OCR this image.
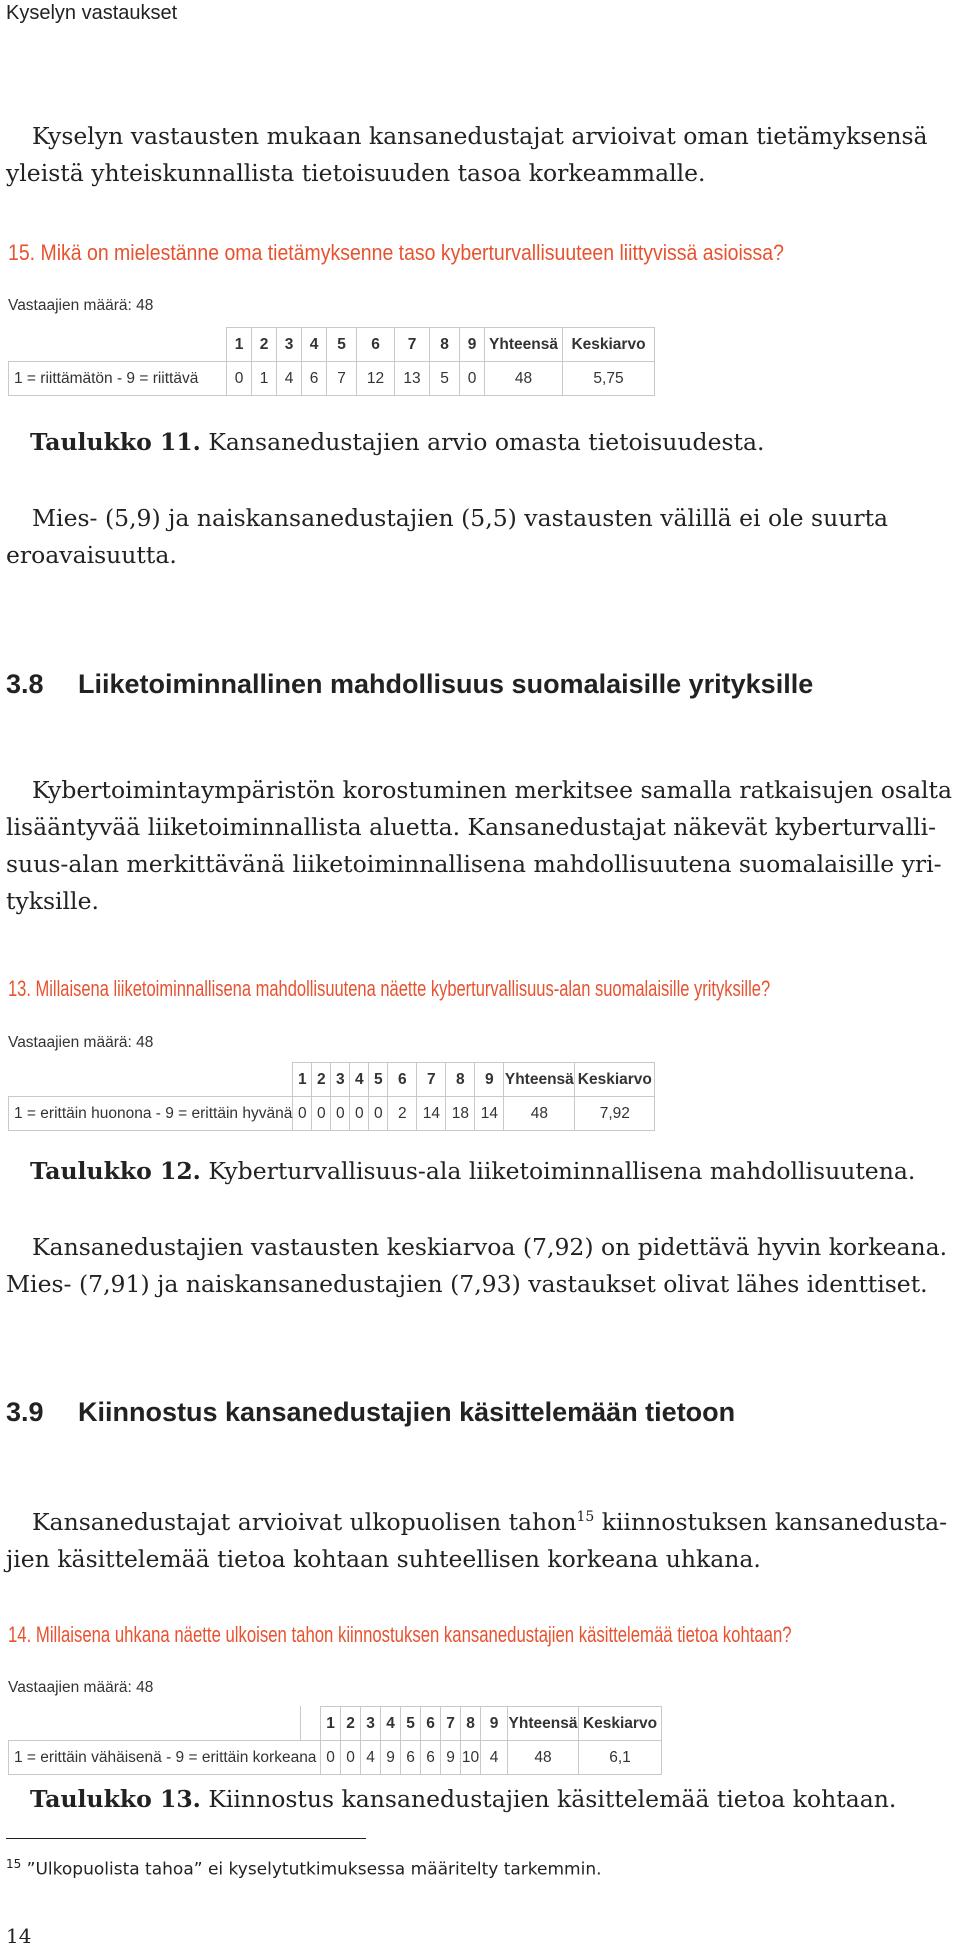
Kyselyn vastaukset
Kyselyn vastausten mukaan kansanedustajat arvioivat oman tietämyksensä
yleistä yhteiskunnallista tietoisuuden tasoa korkeammalle.
15. Mikä on mielestänne oma tietämyksenne taso kyberturvallisuuteen liittyvissä asioissa?
Vastaajien määrä: 48
	1	2	3	4	5	6	7	8	9	Yhteensä	Keskiarvo
1 = riittämätön - 9 = riittävä	0	1	4	6	7	12	13	5	0	48	5,75
Taulukko 11. Kansanedustajien arvio omasta tietoisuudesta.
Mies- (5,9) ja naiskansanedustajien (5,5) vastausten välillä ei ole suurta
eroavaisuutta.
3.8 Liiketoiminnallinen mahdollisuus suomalaisille yrityksille
Kybertoimintaympäristön korostuminen merkitsee samalla ratkaisujen osalta
lisääntyvää liiketoiminnallista aluetta. Kansanedustajat näkevät kyberturvalli-
suus-alan merkittävänä liiketoiminnallisena mahdollisuutena suomalaisille yri-
tyksille.
13. Millaisena liiketoiminnallisena mahdollisuutena näette kyberturvallisuus-alan suomalaisille yrityksille?
Vastaajien määrä: 48
	1	2	3	4	5	6	7	8	9	Yhteensä	Keskiarvo
1 = erittäin huonona - 9 = erittäin hyvänä	0	0	0	0	0	2	14	18	14	48	7,92
Taulukko 12. Kyberturvallisuus-ala liiketoiminnallisena mahdollisuutena.
Kansanedustajien vastausten keskiarvoa (7,92) on pidettävä hyvin korkeana.
Mies- (7,91) ja naiskansanedustajien (7,93) vastaukset olivat lähes identtiset.
3.9 Kiinnostus kansanedustajien käsittelemään tietoon
Kansanedustajat arvioivat ulkopuolisen tahon$^{15}$ kiinnostuksen kansanedusta-
jien käsittelemää tietoa kohtaan suhteellisen korkeana uhkana.
14. Millaisena uhkana näette ulkoisen tahon kiinnostuksen kansanedustajien käsittelemää tietoa kohtaan?
Vastaajien määrä: 48
		1	2	3	4	5	6	7	8	9	Yhteensä	Keskiarvo
1 = erittäin vähäisenä - 9 = erittäin korkeana		0	0	4	9	6	6	9	10	4	48	6,1
Taulukko 13. Kiinnostus kansanedustajien käsittelemää tietoa kohtaan.
$^{15}$ ”Ulkopuolista tahoa” ei kyselytutkimuksessa määritelty tarkemmin.
14
